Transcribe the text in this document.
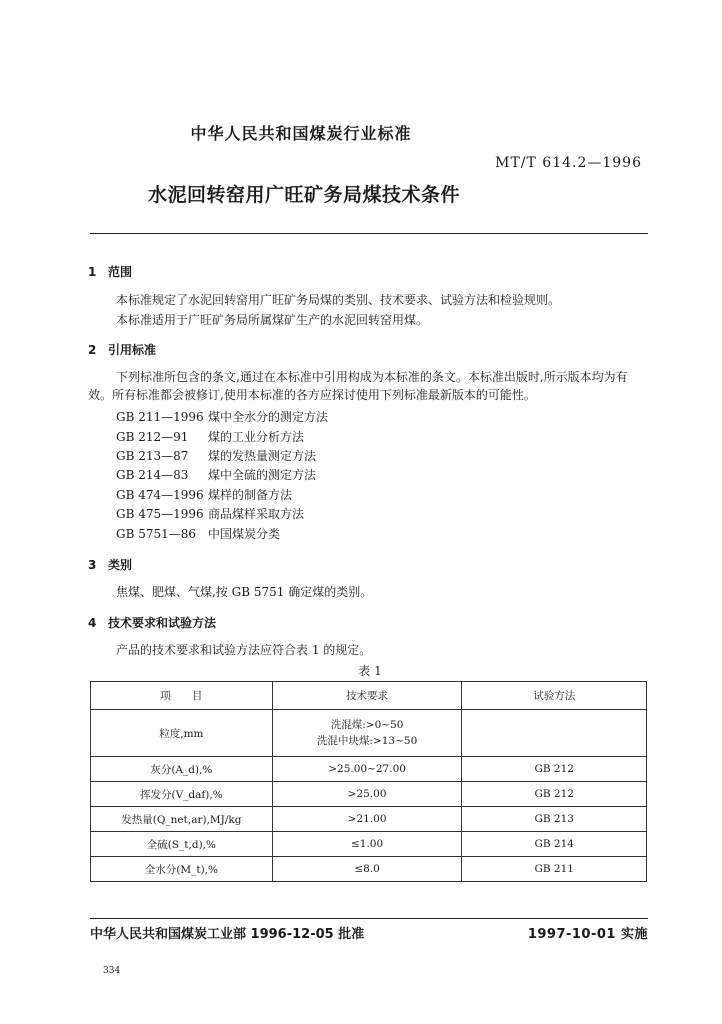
中华人民共和国煤炭行业标准
MT/T 614.2—1996
水泥回转窑用广旺矿务局煤技术条件
1 范围
本标准规定了水泥回转窑用广旺矿务局煤的类别、技术要求、试验方法和检验规则。
本标准适用于广旺矿务局所属煤矿生产的水泥回转窑用煤。
2 引用标准
下列标准所包含的条文,通过在本标准中引用构成为本标准的条文。本标准出版时,所示版本均为有效。所有标准都会被修订,使用本标准的各方应探讨使用下列标准最新版本的可能性。
GB 211—1996 煤中全水分的测定方法
GB 212—91 煤的工业分析方法
GB 213—87 煤的发热量测定方法
GB 214—83 煤中全硫的测定方法
GB 474—1996 煤样的制备方法
GB 475—1996 商品煤样采取方法
GB 5751—86 中国煤炭分类
3 类别
焦煤、肥煤、气煤,按 GB 5751 确定煤的类别。
4 技术要求和试验方法
产品的技术要求和试验方法应符合表 1 的规定。
表 1
项　　目	技术要求	试验方法
粒度,mm	洗混煤:>0~50
洗混中块煤:>13~50	

灰分(A_d),%	>25.00~27.00	GB 212
挥发分(V_daf),%	>25.00	GB 212
发热量(Q_net,ar),MJ/kg	>21.00	GB 213
全硫(S_t,d),%	≤1.00	GB 214
全水分(M_t),%	≤8.0	GB 211
中华人民共和国煤炭工业部 1996-12-05 批准	1997-10-01 实施
334
